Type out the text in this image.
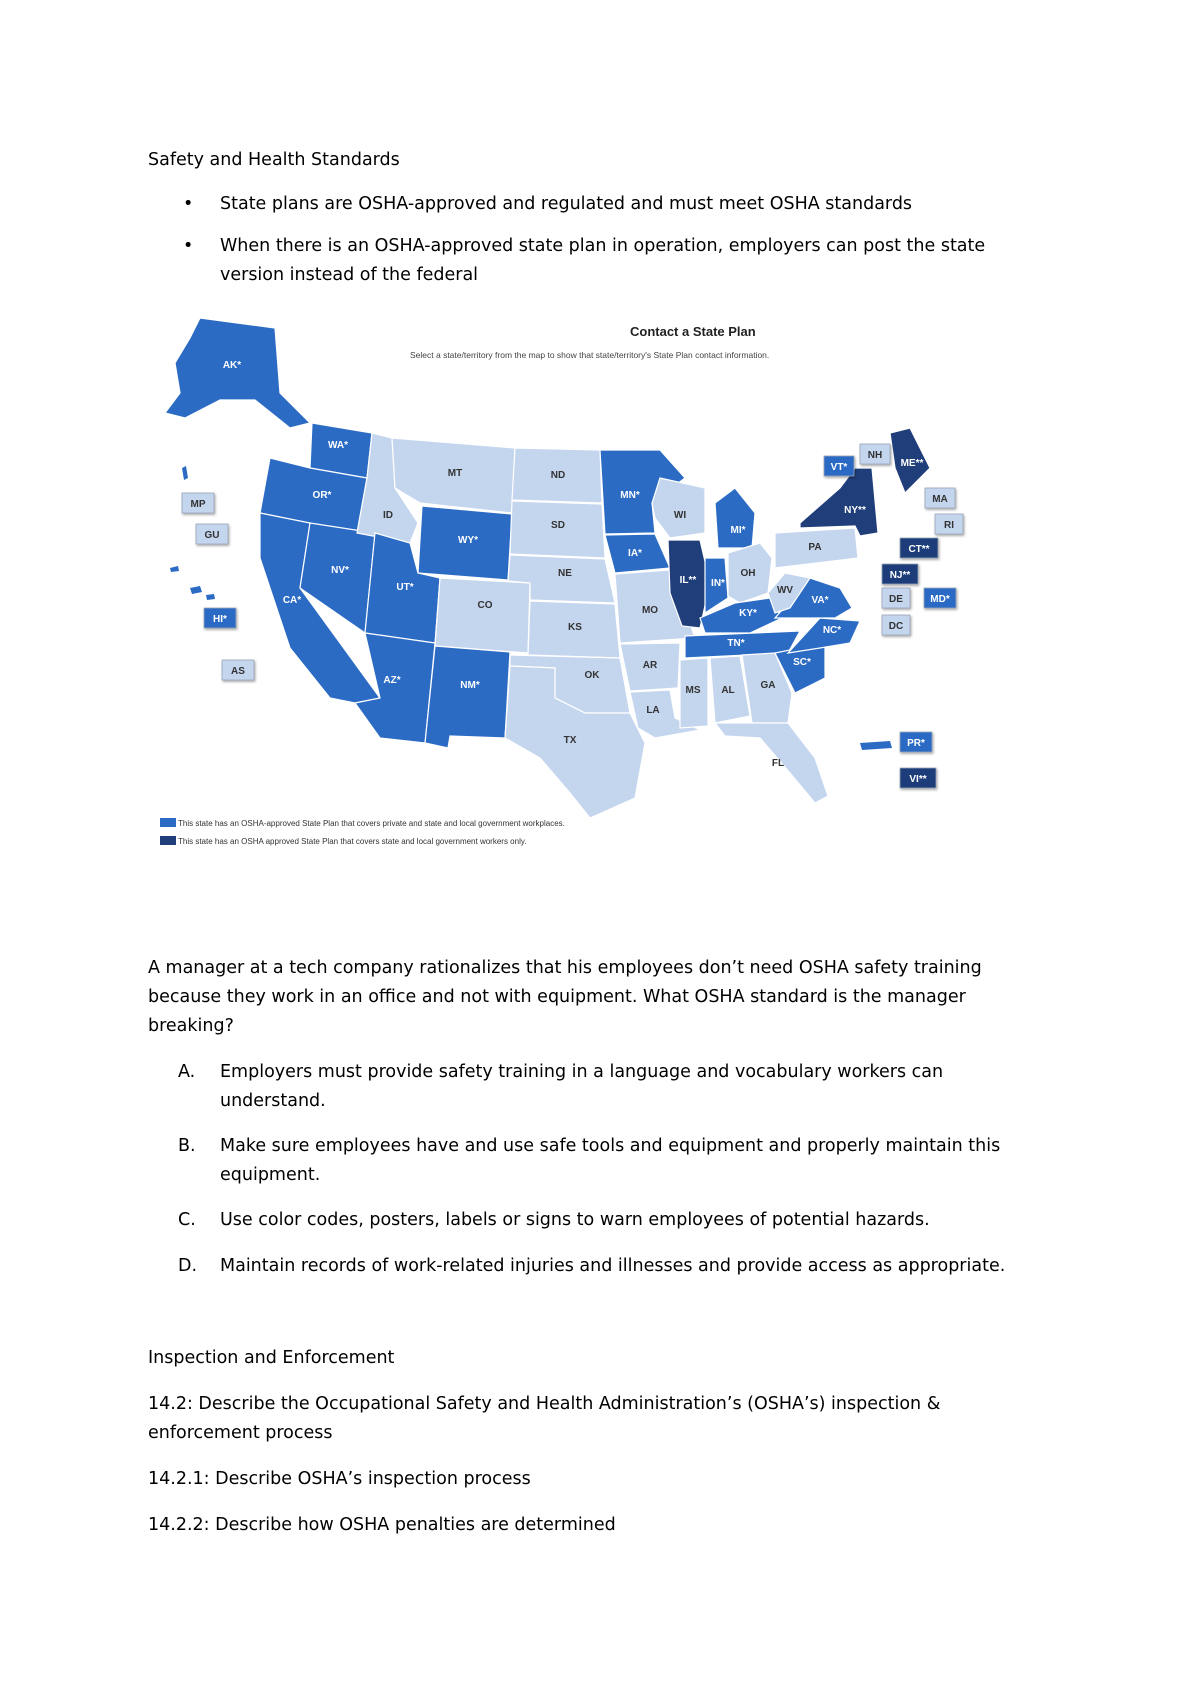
Safety and Health Standards

• State plans are OSHA-approved and regulated and must meet OSHA standards
• When there is an OSHA-approved state plan in operation, employers can post the state version instead of the federal
Contact a State Plan
Select a state/territory from the map to show that state/territory's State Plan contact information.
AK*
WA*
OR*
CA*
NV*
ID
MT
WY*
UT*
AZ*
CO
NM*
ND
SD
NE
KS
OK
TX
MN*
IA*
MO
AR
LA
WI
IL**
MI*
IN*
OH
KY*
TN*
MS AL	GA
FL
SC*
NC*
VA*
WV
PA
NY**
ME**
VT*
NH
MA
RI
CT**
NJ**
DE	MD*
DC
MP
GU
HI*
AS
PR*
VI**
This state has an OSHA-approved State Plan that covers private and state and local government workplaces.
This state has an OSHA approved State Plan that covers state and local government workers only.

A manager at a tech company rationalizes that his employees don’t need OSHA safety training

because they work in an office and not with equipment. What OSHA standard is the manager

breaking?

A. Employers must provide safety training in a language and vocabulary workers can
understand.
B. Make sure employees have and use safe tools and equipment and properly maintain this
equipment.
C. Use color codes, posters, labels or signs to warn employees of potential hazards.
D. Maintain records of work-related injuries and illnesses and provide access as appropriate.

Inspection and Enforcement

14.2: Describe the Occupational Safety and Health Administration’s (OSHA’s) inspection &

enforcement process

14.2.1: Describe OSHA’s inspection process

14.2.2: Describe how OSHA penalties are determined
